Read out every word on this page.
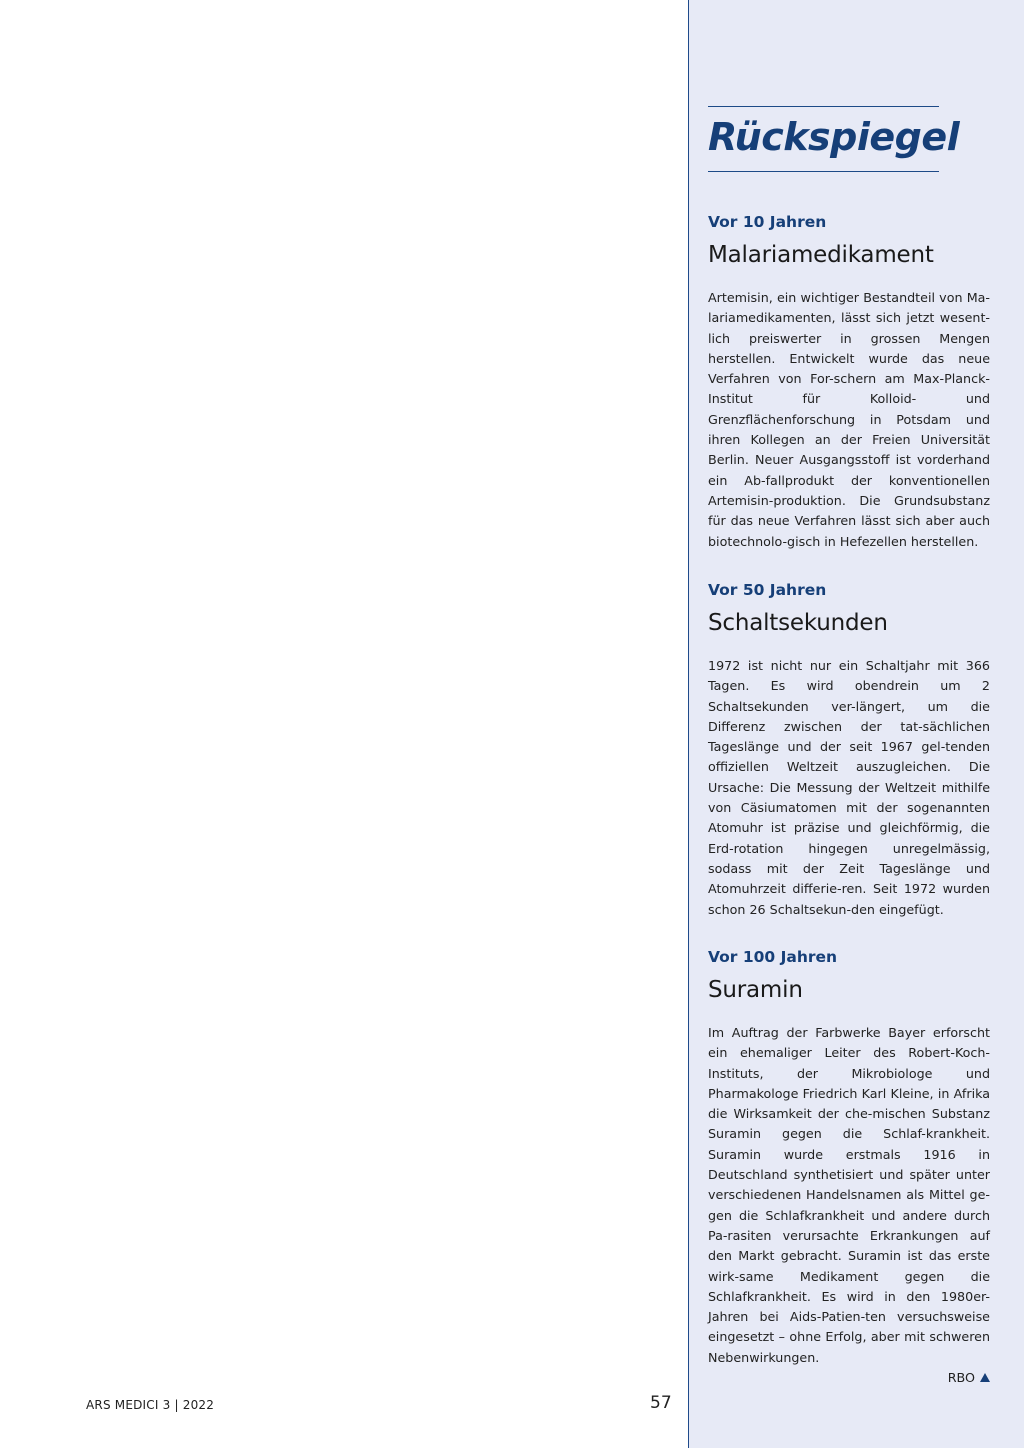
ARS MEDICI 3 | 2022	57
Rückspiegel

Vor 10 Jahren

Malariamedikament

Artemisin, ein wichtiger Bestandteil von Ma-lariamedikamenten, lässt sich jetzt wesent-lich preiswerter in grossen Mengen herstellen. Entwickelt wurde das neue Verfahren von For-schern am Max-Planck-Institut für Kolloid- und Grenzflächenforschung in Potsdam und ihren Kollegen an der Freien Universität Berlin. Neuer Ausgangsstoff ist vorderhand ein Ab-fallprodukt der konventionellen Artemisin-produktion. Die Grundsubstanz für das neue Verfahren lässt sich aber auch biotechnolo-gisch in Hefezellen herstellen.

Vor 50 Jahren

Schaltsekunden

1972 ist nicht nur ein Schaltjahr mit 366 Tagen. Es wird obendrein um 2 Schaltsekunden ver-längert, um die Differenz zwischen der tat-sächlichen Tageslänge und der seit 1967 gel-tenden offiziellen Weltzeit auszugleichen. Die Ursache: Die Messung der Weltzeit mithilfe von Cäsiumatomen mit der sogenannten Atomuhr ist präzise und gleichförmig, die Erd-rotation hingegen unregelmässig, sodass mit der Zeit Tageslänge und Atomuhrzeit differie-ren. Seit 1972 wurden schon 26 Schaltsekun-den eingefügt.

Vor 100 Jahren

Suramin

Im Auftrag der Farbwerke Bayer erforscht ein ehemaliger Leiter des Robert-Koch-Instituts, der Mikrobiologe und Pharmakologe Friedrich Karl Kleine, in Afrika die Wirksamkeit der che-mischen Substanz Suramin gegen die Schlaf-krankheit. Suramin wurde erstmals 1916 in Deutschland synthetisiert und später unter verschiedenen Handelsnamen als Mittel ge-gen die Schlafkrankheit und andere durch Pa-rasiten verursachte Erkrankungen auf den Markt gebracht. Suramin ist das erste wirk-same Medikament gegen die Schlafkrankheit. Es wird in den 1980er-Jahren bei Aids-Patien-ten versuchsweise eingesetzt – ohne Erfolg, aber mit schweren Nebenwirkungen.

RBO
